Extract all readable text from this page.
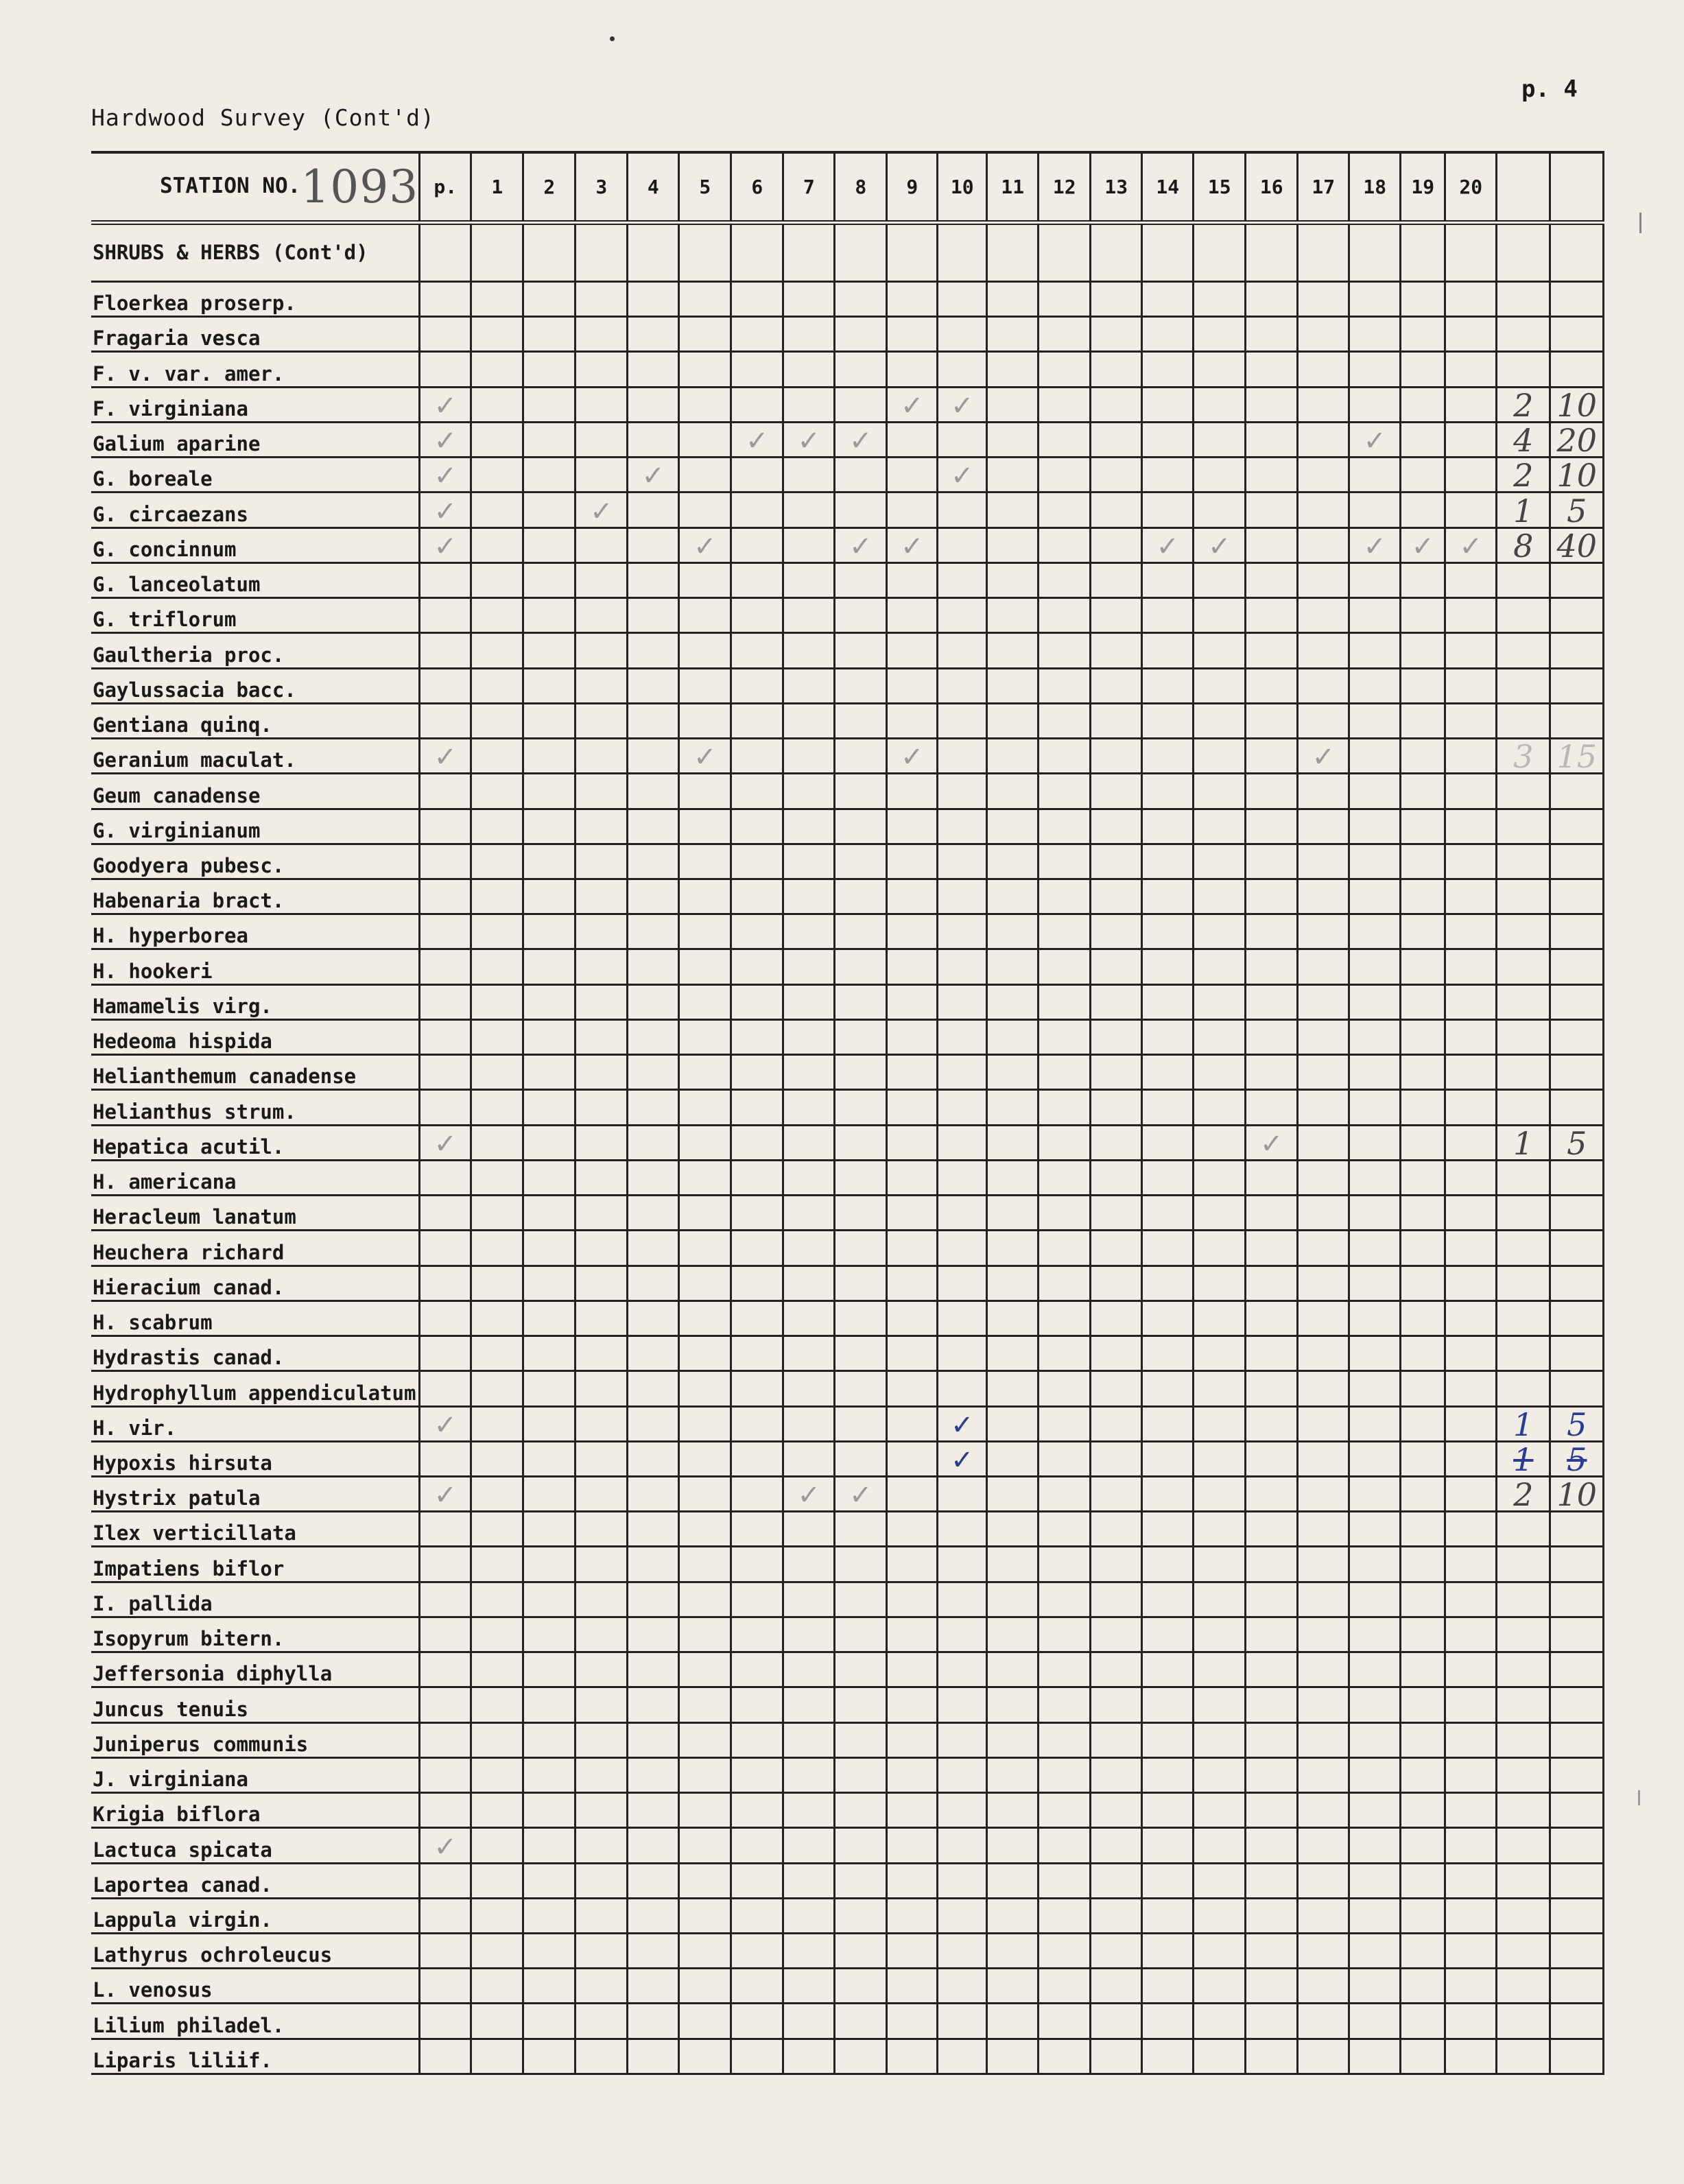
p. 4
Hardwood Survey (Cont'd)
STATION NO.1093	p.	1	2	3	4	5	6	7	8	9	10	11	12	13	14	15	16	17	18	19	20		
SHRUBS & HERBS (Cont'd)																							
Floerkea proserp.																							
Fragaria vesca																							
F. v. var. amer.																							
F. virginiana	✓									✓	✓											2	10

Galium aparine	✓						✓	✓	✓										✓			4	20

G. boreale	✓				✓						✓											2	10

G. circaezans	✓			✓																		1	5

G. concinnum	✓					✓			✓	✓					✓	✓			✓	✓	✓	8	40

G. lanceolatum																							
G. triflorum																							
Gaultheria proc.																							
Gaylussacia bacc.																							
Gentiana quinq.																							
Geranium maculat.	✓					✓				✓								✓				3	15

Geum canadense																							
G. virginianum																							
Goodyera pubesc.																							
Habenaria bract.																							
H. hyperborea																							
H. hookeri																							
Hamamelis virg.																							
Hedeoma hispida																							
Helianthemum canadense																							
Helianthus strum.																							
Hepatica acutil.	✓																✓					1	5

H. americana																							
Heracleum lanatum																							
Heuchera richard																							
Hieracium canad.																							
H. scabrum																							
Hydrastis canad.																							
Hydrophyllum appendiculatum																							
H. vir.	✓										✓											1	5

Hypoxis hirsuta											✓											1	5

Hystrix patula	✓							✓	✓													2	10

Ilex verticillata																							
Impatiens biflor																							
I. pallida																							
Isopyrum bitern.																							
Jeffersonia diphylla																							
Juncus tenuis																							
Juniperus communis																							
J. virginiana																							
Krigia biflora																							
Lactuca spicata	✓																						

Laportea canad.																							
Lappula virgin.																							
Lathyrus ochroleucus																							
L. venosus																							
Lilium philadel.																							
Liparis liliif.																							
